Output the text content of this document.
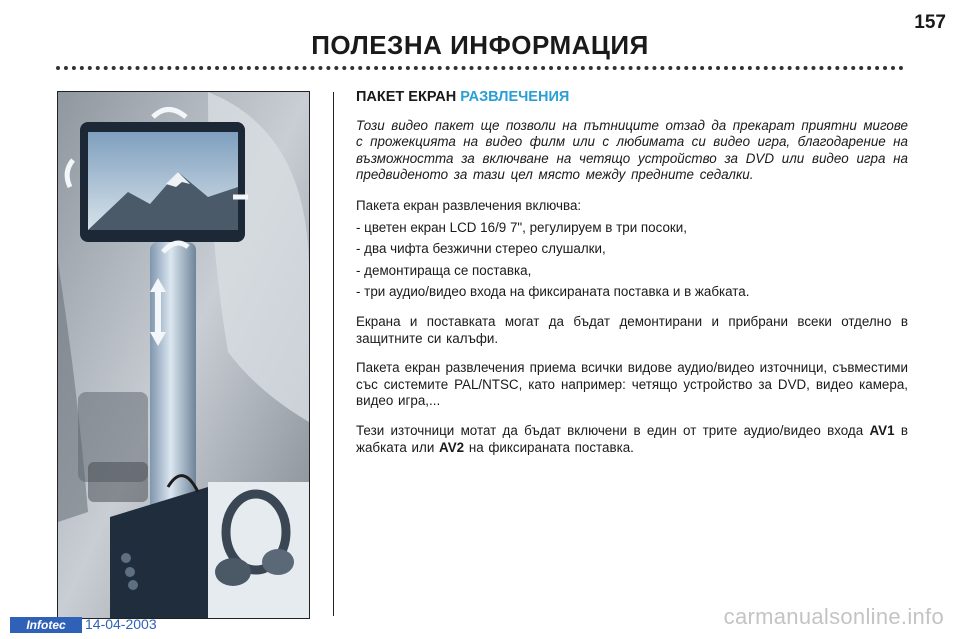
157
ПОЛЕЗНА ИНФОРМАЦИЯ
ПАКЕТ ЕКРАН РАЗВЛЕЧЕНИЯ

Този видео пакет ще позволи на пътниците отзад да прекарат приятни мигове с прожекцията на видео филм или с любимата си видео игра, благодарение на възможността за включване на четящо устройство за DVD или видео игра на предвиденото за тази цел място между предните седалки.

Пакета екран развлечения включва:

- цветен екран LCD 16/9 7", регулируем в три посоки,
- два чифта безжични стерео слушалки,
- демонтираща се поставка,
- три аудио/видео входа на фиксираната поставка и в жабката.

Екрана и поставката могат да бъдат демонтирани и прибрани всеки отделно в защитните си калъфи.

Пакета екран развлечения приема всички видове аудио/видео източници, съвместими със системите PAL/NTSC, като например: четящо устройство за DVD, видео камера, видео игра,...

Тези източници мотат да бъдат включени в един от трите аудио/видео входа AV1 в жабката или AV2 на фиксираната поставка.

Infotec	14-04-2003	carmanualsonline.info
